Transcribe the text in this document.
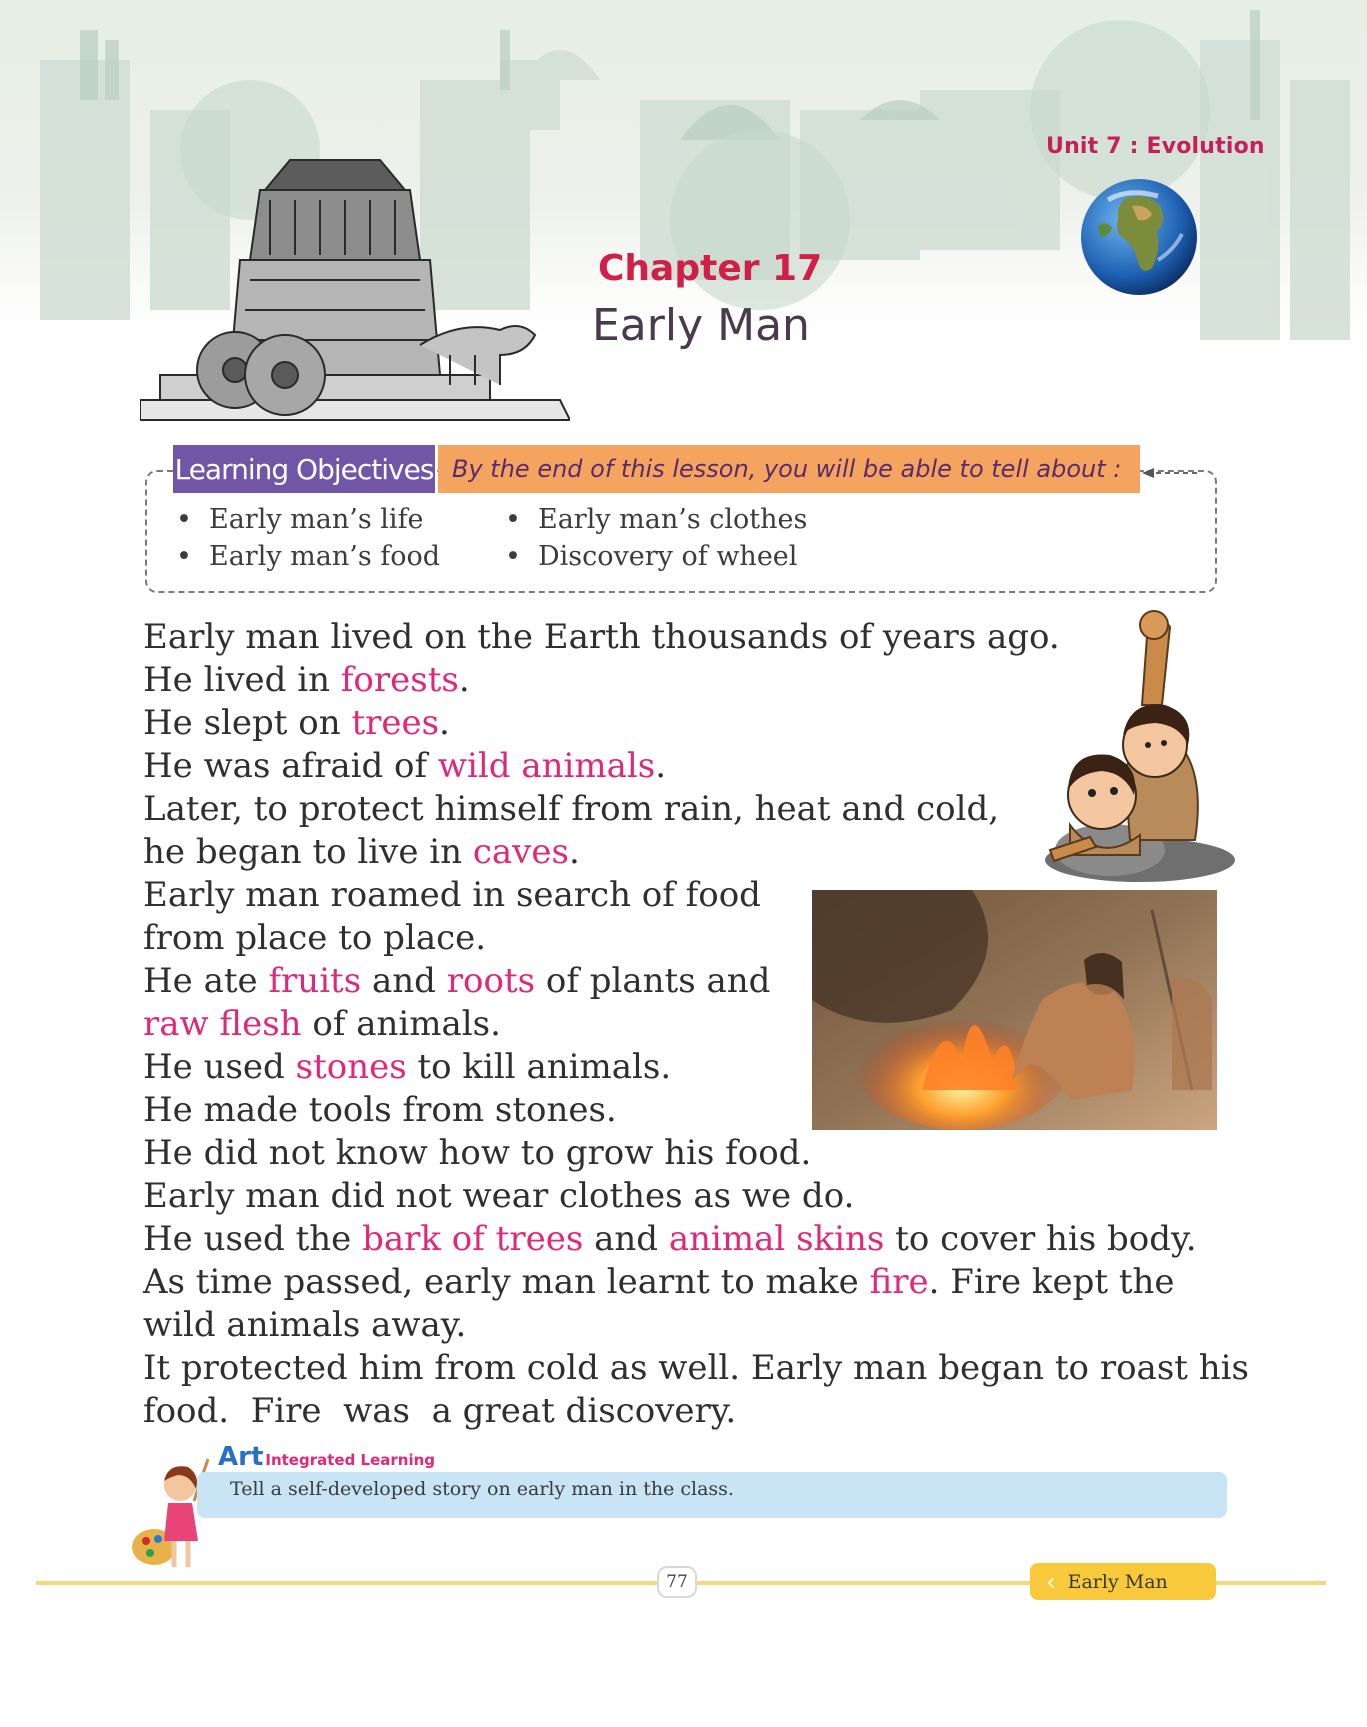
Unit 7 : Evolution
Chapter 17
Early Man
Learning Objectives By the end of this lesson, you will be able to tell about :
• Early man’s life
• Early man’s food
• Early man’s clothes
• Discovery of wheel
Early man lived on the Earth thousands of years ago.
He lived in forests.
He slept on trees.
He was afraid of wild animals.
Later, to protect himself from rain, heat and cold,
he began to live in caves.
Early man roamed in search of food
from place to place.
He ate fruits and roots of plants and
raw flesh of animals.
He used stones to kill animals.
He made tools from stones.
He did not know how to grow his food.
Early man did not wear clothes as we do.
He used the bark of trees and animal skins to cover his body.
As time passed, early man learnt to make fire. Fire kept the
wild animals away.
It protected him from cold as well. Early man began to roast his
food.  Fire  was  a great discovery.
Art Integrated Learning
Tell a self-developed story on early man in the class.
77	‹ Early Man
